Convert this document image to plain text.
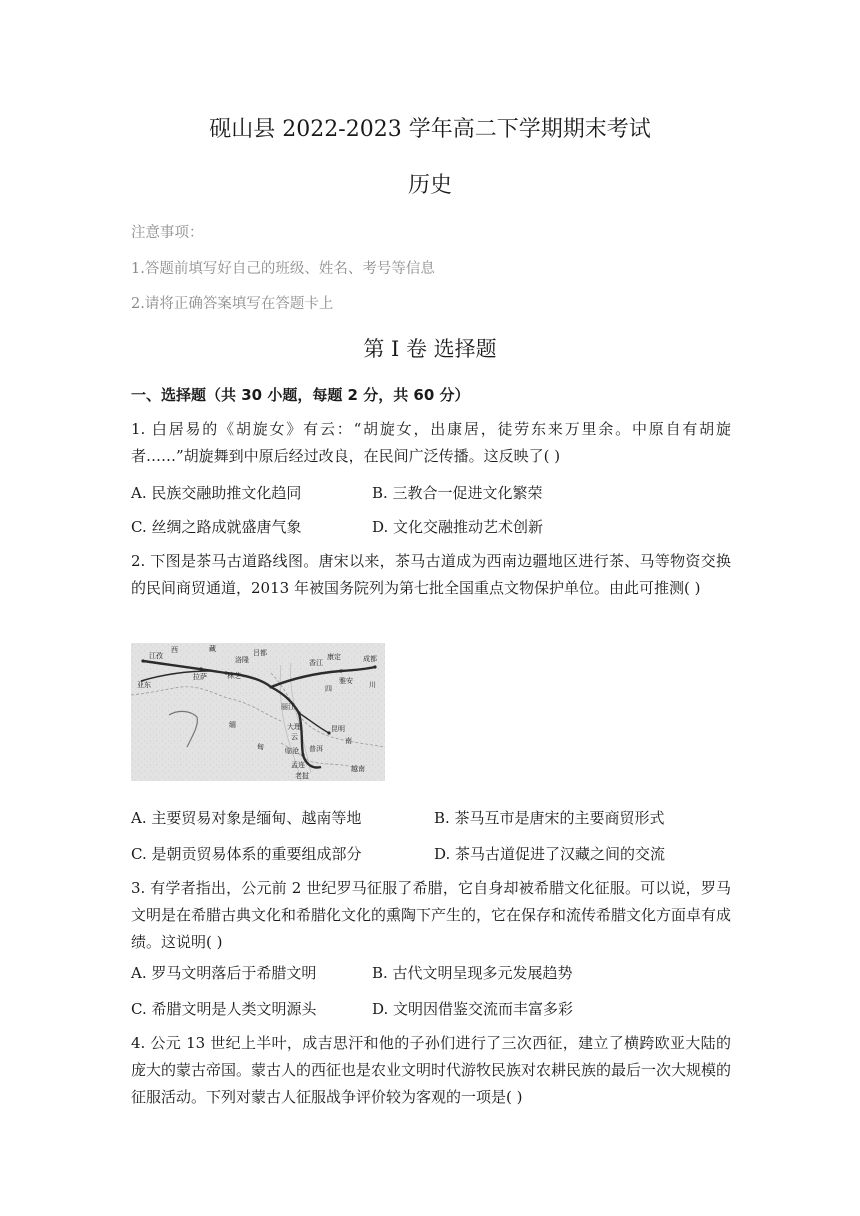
砚山县 2022-2023 学年高二下学期期末考试
历史
注意事项：
1.答题前填写好自己的班级、姓名、考号等信息
2.请将正确答案填写在答题卡上
第 I 卷 选择题
一、选择题（共 30 小题，每题 2 分，共 60 分）
1. 白居易的《胡旋女》有云：“胡旋女，出康居，徒劳东来万里余。中原自有胡旋者……”胡旋舞到中原后经过改良，在民间广泛传播。这反映了( )
A. 民族交融助推文化趋同	B. 三教合一促进文化繁荣
C. 丝绸之路成就盛唐气象	D. 文化交融推动艺术创新
2. 下图是茶马古道路线图。唐宋以来，茶马古道成为西南边疆地区进行茶、马等物资交换的民间商贸通道，2013 年被国务院列为第七批全国重点文物保护单位。由此可推测( )
江孜
西	藏	吕都
洛隆
林芝
拉萨
亚东
香江
康定	成都
四
雅安 川
缅
丽江
大理
云
昆明
南
普洱
临沧
孟连
甸
老挝
越南
A. 主要贸易对象是缅甸、越南等地	B. 茶马互市是唐宋的主要商贸形式
C. 是朝贡贸易体系的重要组成部分	D. 茶马古道促进了汉藏之间的交流
3. 有学者指出，公元前 2 世纪罗马征服了希腊，它自身却被希腊文化征服。可以说，罗马文明是在希腊古典文化和希腊化文化的熏陶下产生的，它在保存和流传希腊文化方面卓有成绩。这说明( )
A. 罗马文明落后于希腊文明	B. 古代文明呈现多元发展趋势
C. 希腊文明是人类文明源头	D. 文明因借鉴交流而丰富多彩
4. 公元 13 世纪上半叶，成吉思汗和他的子孙们进行了三次西征，建立了横跨欧亚大陆的庞大的蒙古帝国。蒙古人的西征也是农业文明时代游牧民族对农耕民族的最后一次大规模的征服活动。下列对蒙古人征服战争评价较为客观的一项是( )
